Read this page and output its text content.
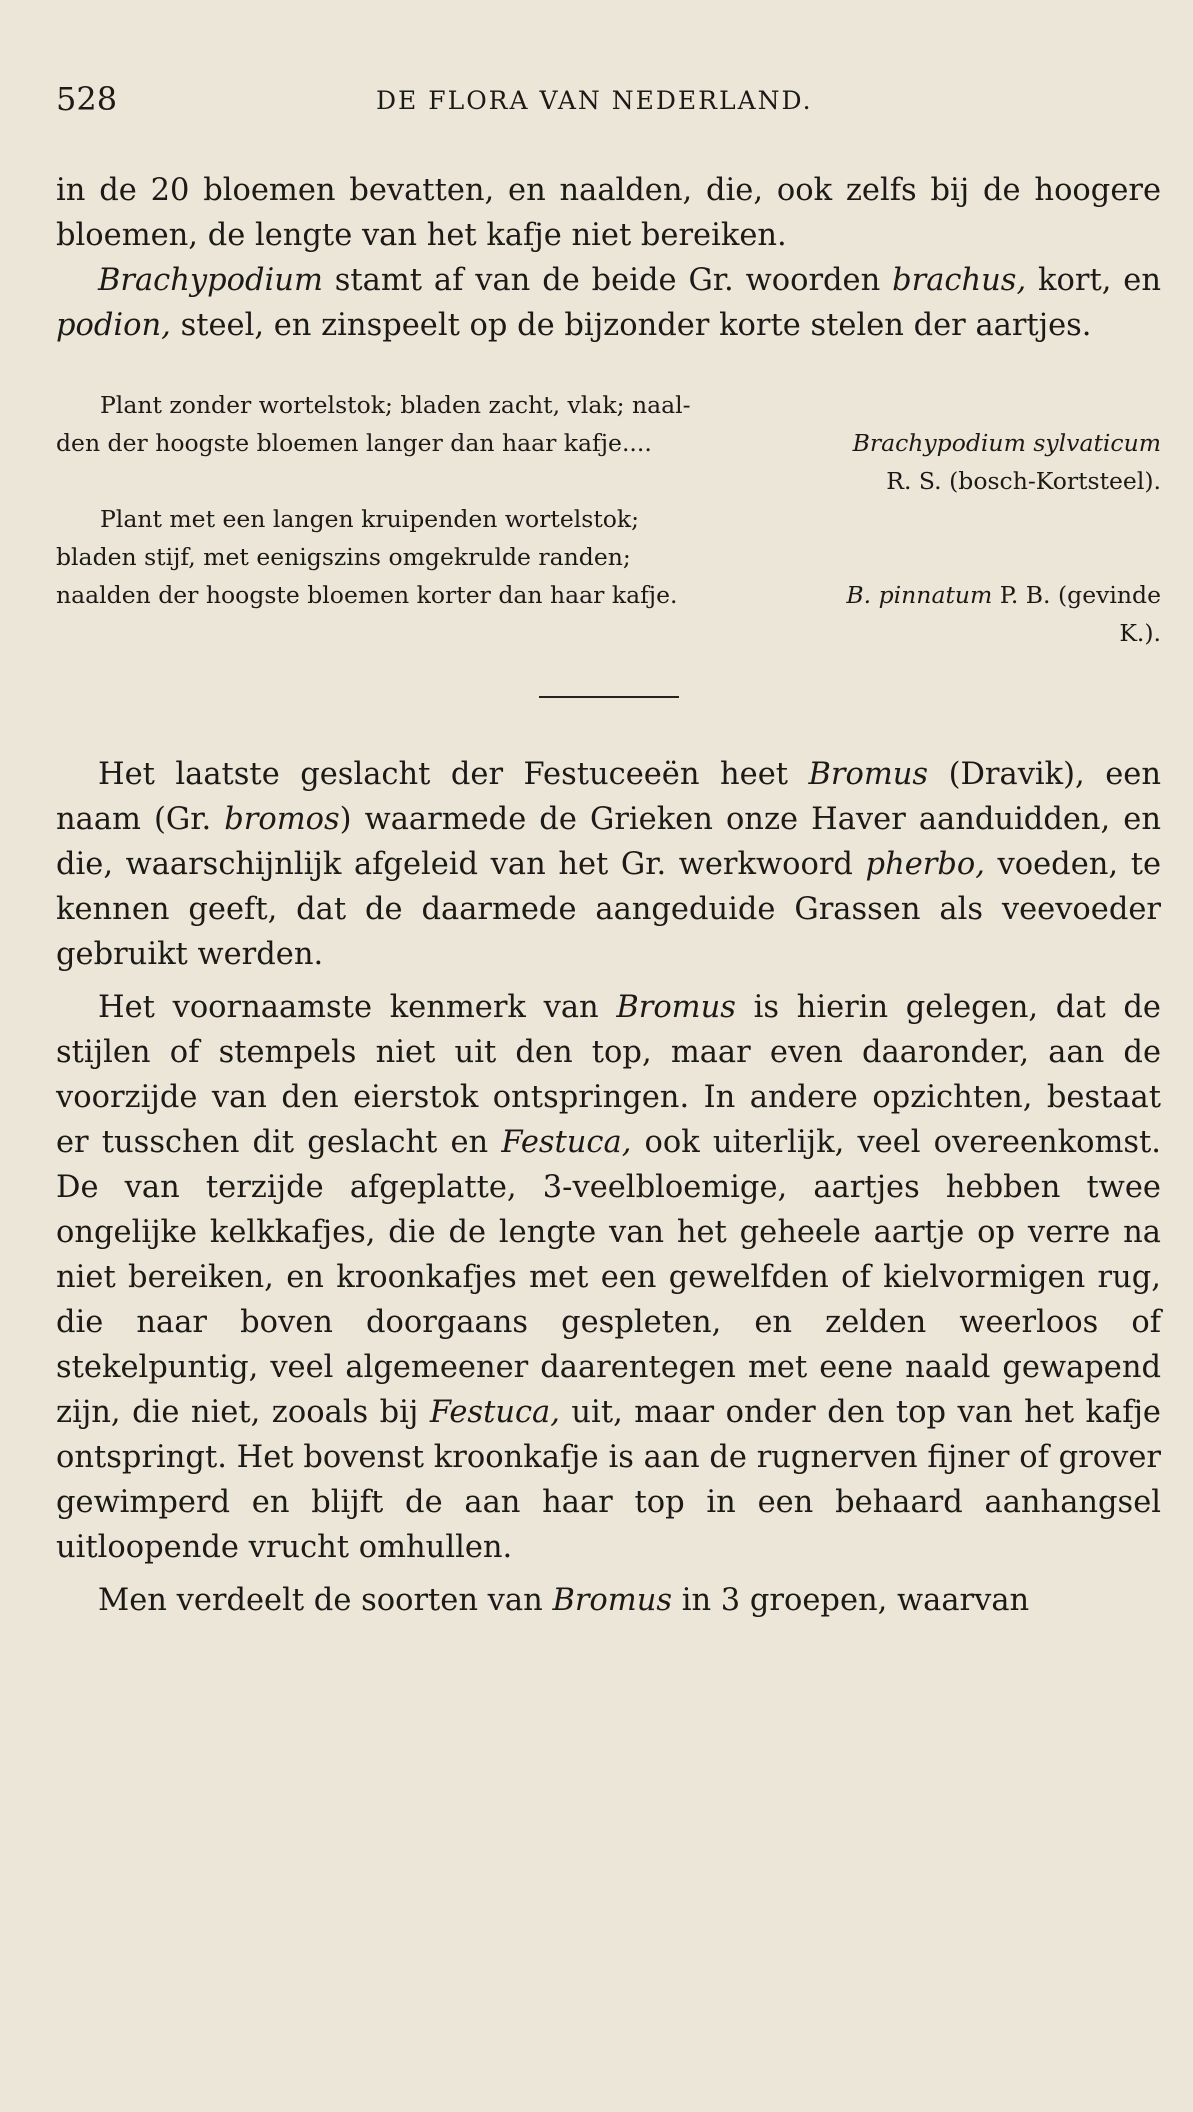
528	DE FLORA VAN NEDERLAND.

in de 20 bloemen bevatten, en naalden, die, ook zelfs bij de hoogere bloemen, de lengte van het kafje niet bereiken.

Brachypodium stamt af van de beide Gr. woorden brachus, kort, en podion, steel, en zinspeelt op de bijzonder korte stelen der aartjes.

Plant zonder wortelstok; bladen zacht, vlak; naal-
den der hoogste bloemen langer dan haar kafje....	Brachypodium sylvaticum
R. S. (bosch-Kortsteel).
Plant met een langen kruipenden wortelstok;
bladen stijf, met eenigszins omgekrulde randen;
naalden der hoogste bloemen korter dan haar kafje.	B. pinnatum P. B. (gevinde
K.).

Het laatste geslacht der Festuceeën heet Bromus (Dravik), een naam (Gr. bromos) waarmede de Grieken onze Haver aanduidden, en die, waarschijnlijk afgeleid van het Gr. werkwoord pherbo, voeden, te kennen geeft, dat de daarmede aangeduide Grassen als veevoeder gebruikt werden.

Het voornaamste kenmerk van Bromus is hierin gelegen, dat de stijlen of stempels niet uit den top, maar even daaronder, aan de voorzijde van den eierstok ontspringen. In andere opzichten, bestaat er tusschen dit geslacht en Festuca, ook uiterlijk, veel overeenkomst. De van terzijde afgeplatte, 3-veelbloemige, aartjes hebben twee ongelijke kelkkafjes, die de lengte van het geheele aartje op verre na niet bereiken, en kroonkafjes met een gewelfden of kielvormigen rug, die naar boven doorgaans gespleten, en zelden weerloos of stekelpuntig, veel algemeener daarentegen met eene naald gewapend zijn, die niet, zooals bij Festuca, uit, maar onder den top van het kafje ontspringt. Het bovenst kroonkafje is aan de rugnerven fijner of grover gewimperd en blijft de aan haar top in een behaard aanhangsel uitloopende vrucht omhullen.

Men verdeelt de soorten van Bromus in 3 groepen, waarvan
